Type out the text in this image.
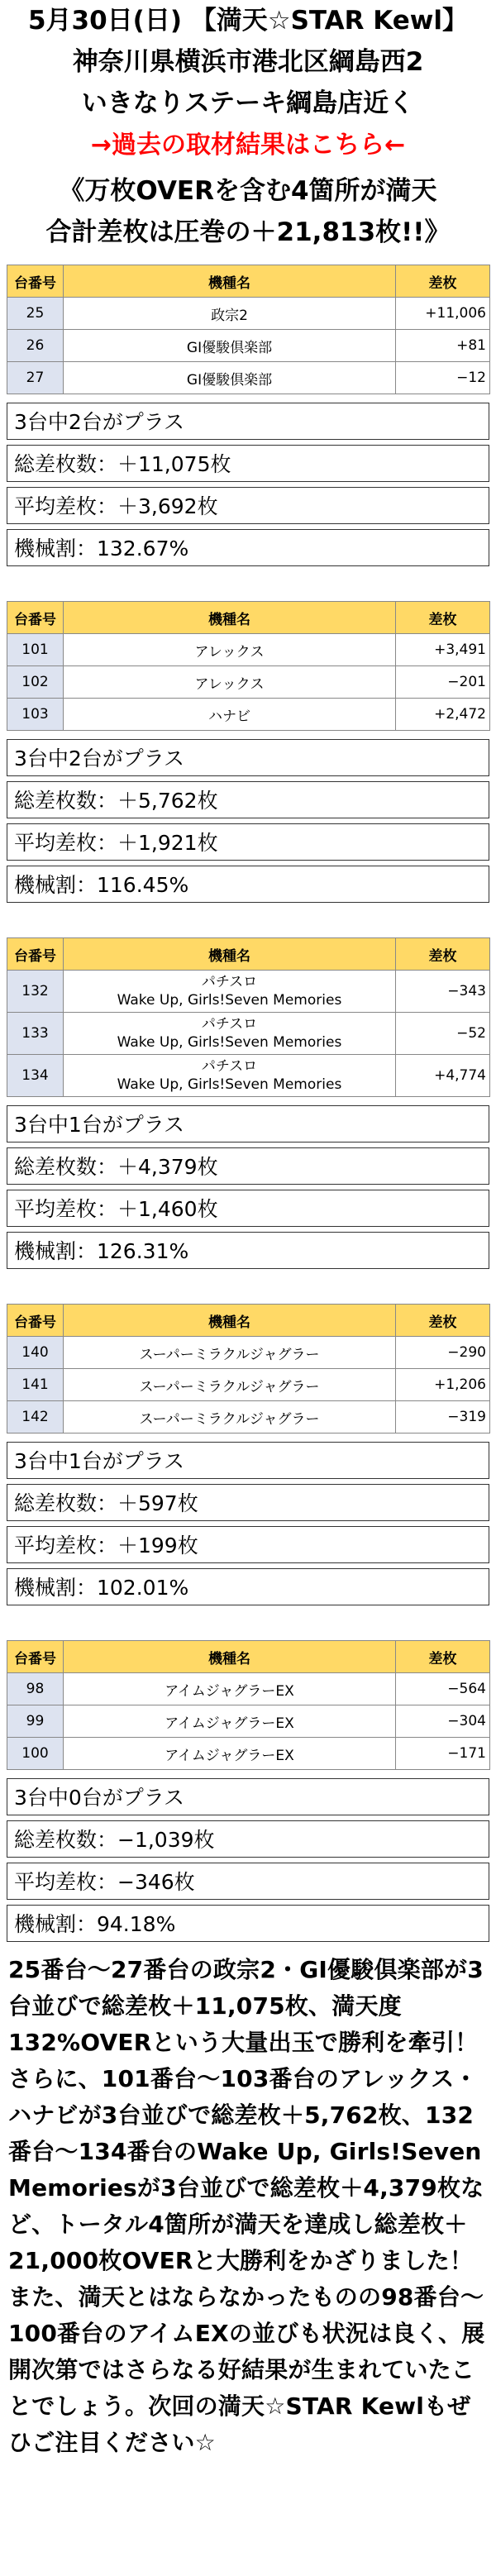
5月30日(日) 【満天☆STAR Kewl】
神奈川県横浜市港北区綱島西2
いきなりステーキ綱島店近く
→過去の取材結果はこちら←
《万枚OVERを含む4箇所が満天
合計差枚は圧巻の＋21,813枚!!》
台番号	機種名	差枚
25	政宗2	+11,006
26	GI優駿倶楽部	+81
27	GI優駿倶楽部	−12
3台中2台がプラス
総差枚数：＋11,075枚
平均差枚：＋3,692枚
機械割：132.67%
台番号	機種名	差枚
101	アレックス	+3,491
102	アレックス	−201
103	ハナビ	+2,472
3台中2台がプラス
総差枚数：＋5,762枚
平均差枚：＋1,921枚
機械割：116.45%
台番号	機種名	差枚
132	パチスロ
Wake Up, Girls!Seven Memories	−343
133	パチスロ
Wake Up, Girls!Seven Memories	−52
134	パチスロ
Wake Up, Girls!Seven Memories	+4,774
3台中1台がプラス
総差枚数：＋4,379枚
平均差枚：＋1,460枚
機械割：126.31%
台番号	機種名	差枚
140	スーパーミラクルジャグラー	−290
141	スーパーミラクルジャグラー	+1,206
142	スーパーミラクルジャグラー	−319
3台中1台がプラス
総差枚数：＋597枚
平均差枚：＋199枚
機械割：102.01%
台番号	機種名	差枚
98	アイムジャグラーEX	−564
99	アイムジャグラーEX	−304
100	アイムジャグラーEX	−171
3台中0台がプラス
総差枚数：−1,039枚
平均差枚：−346枚
機械割：94.18%
25番台〜27番台の政宗2・GⅠ優駿倶楽部が3台並びで総差枚＋11,075枚、満天度132%OVERという大量出玉で勝利を牽引！さらに、101番台〜103番台のアレックス・ハナビが3台並びで総差枚＋5,762枚、132番台〜134番台のWake Up, Girls!Seven Memoriesが3台並びで総差枚＋4,379枚など、トータル4箇所が満天を達成し総差枚＋21,000枚OVERと大勝利をかざりました！また、満天とはならなかったものの98番台〜100番台のアイムEXの並びも状況は良く、展開次第ではさらなる好結果が生まれていたことでしょう。次回の満天☆STAR Kewlもぜひご注目ください☆
